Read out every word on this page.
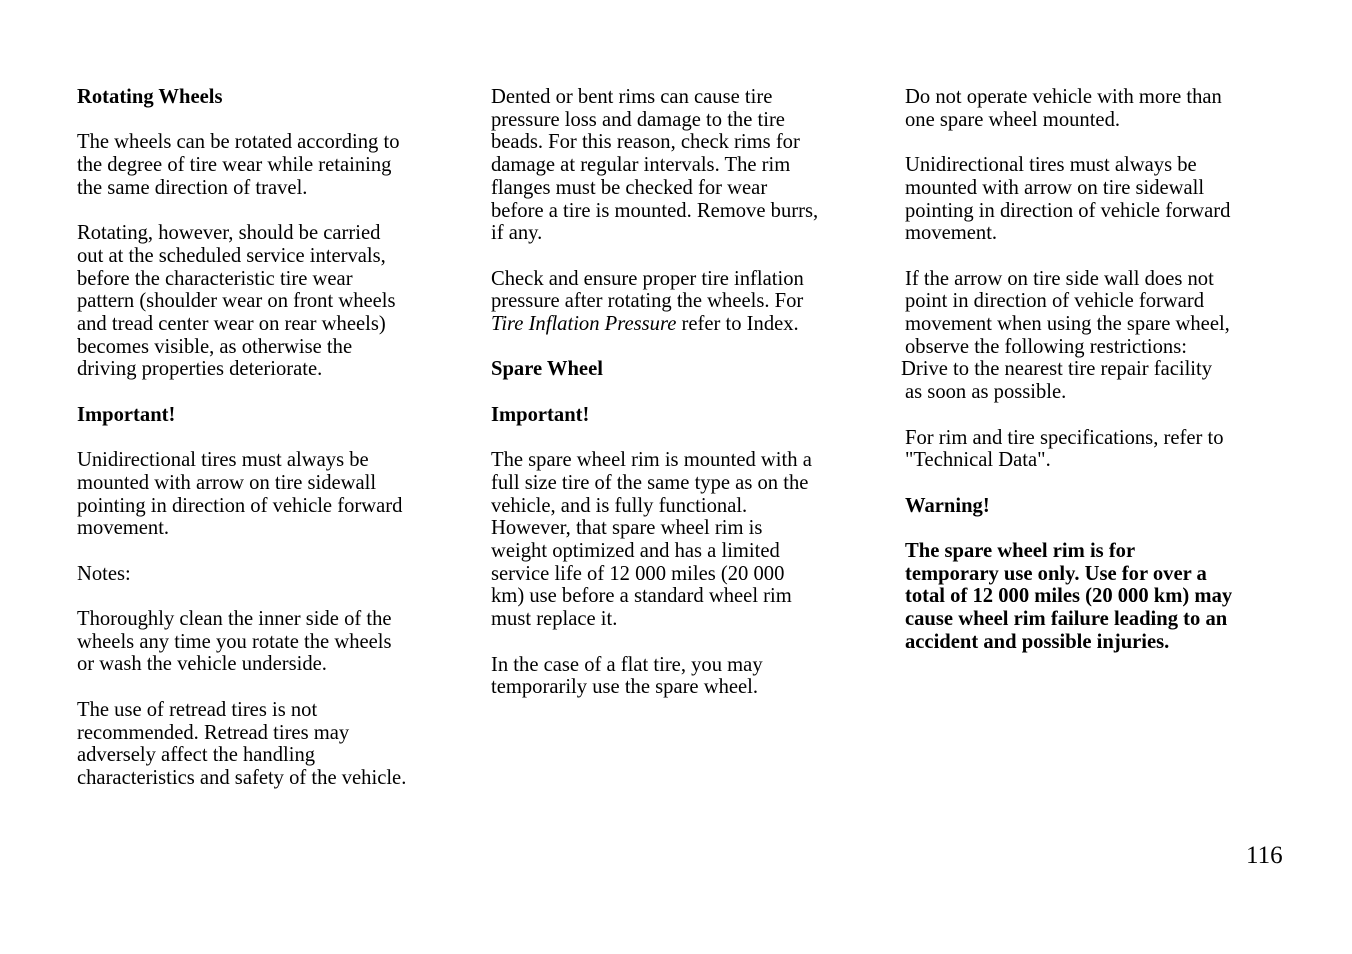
Rotating Wheels

The wheels can be rotated according to
the degree of tire wear while retaining
the same direction of travel.

Rotating, however, should be carried
out at the scheduled service intervals,
before the characteristic tire wear
pattern (shoulder wear on front wheels
and tread center wear on rear wheels)
becomes visible, as otherwise the
driving properties deteriorate.

Important!

Unidirectional tires must always be
mounted with arrow on tire sidewall
pointing in direction of vehicle forward
movement.

Notes:

Thoroughly clean the inner side of the
wheels any time you rotate the wheels
or wash the vehicle underside.

The use of retread tires is not
recommended. Retread tires may
adversely affect the handling
characteristics and safety of the vehicle.

Dented or bent rims can cause tire
pressure loss and damage to the tire
beads. For this reason, check rims for
damage at regular intervals. The rim
flanges must be checked for wear
before a tire is mounted. Remove burrs,
if any.

Check and ensure proper tire inflation
pressure after rotating the wheels. For
Tire Inflation Pressure refer to Index.

Spare Wheel
Important!

The spare wheel rim is mounted with a
full size tire of the same type as on the
vehicle, and is fully functional.
However, that spare wheel rim is
weight optimized and has a limited
service life of 12 000 miles (20 000
km) use before a standard wheel rim
must replace it.

In the case of a flat tire, you may
temporarily use the spare wheel.

Do not operate vehicle with more than
one spare wheel mounted.

Unidirectional tires must always be
mounted with arrow on tire sidewall
pointing in direction of vehicle forward
movement.

If the arrow on tire side wall does not
point in direction of vehicle forward
movement when using the spare wheel,
observe the following restrictions:
Drive to the nearest tire repair facility
as soon as possible.

For rim and tire specifications, refer to
"Technical Data".

Warning!

The spare wheel rim is for
temporary use only. Use for over a
total of 12 000 miles (20 000 km) may
cause wheel rim failure leading to an
accident and possible injuries.

116
